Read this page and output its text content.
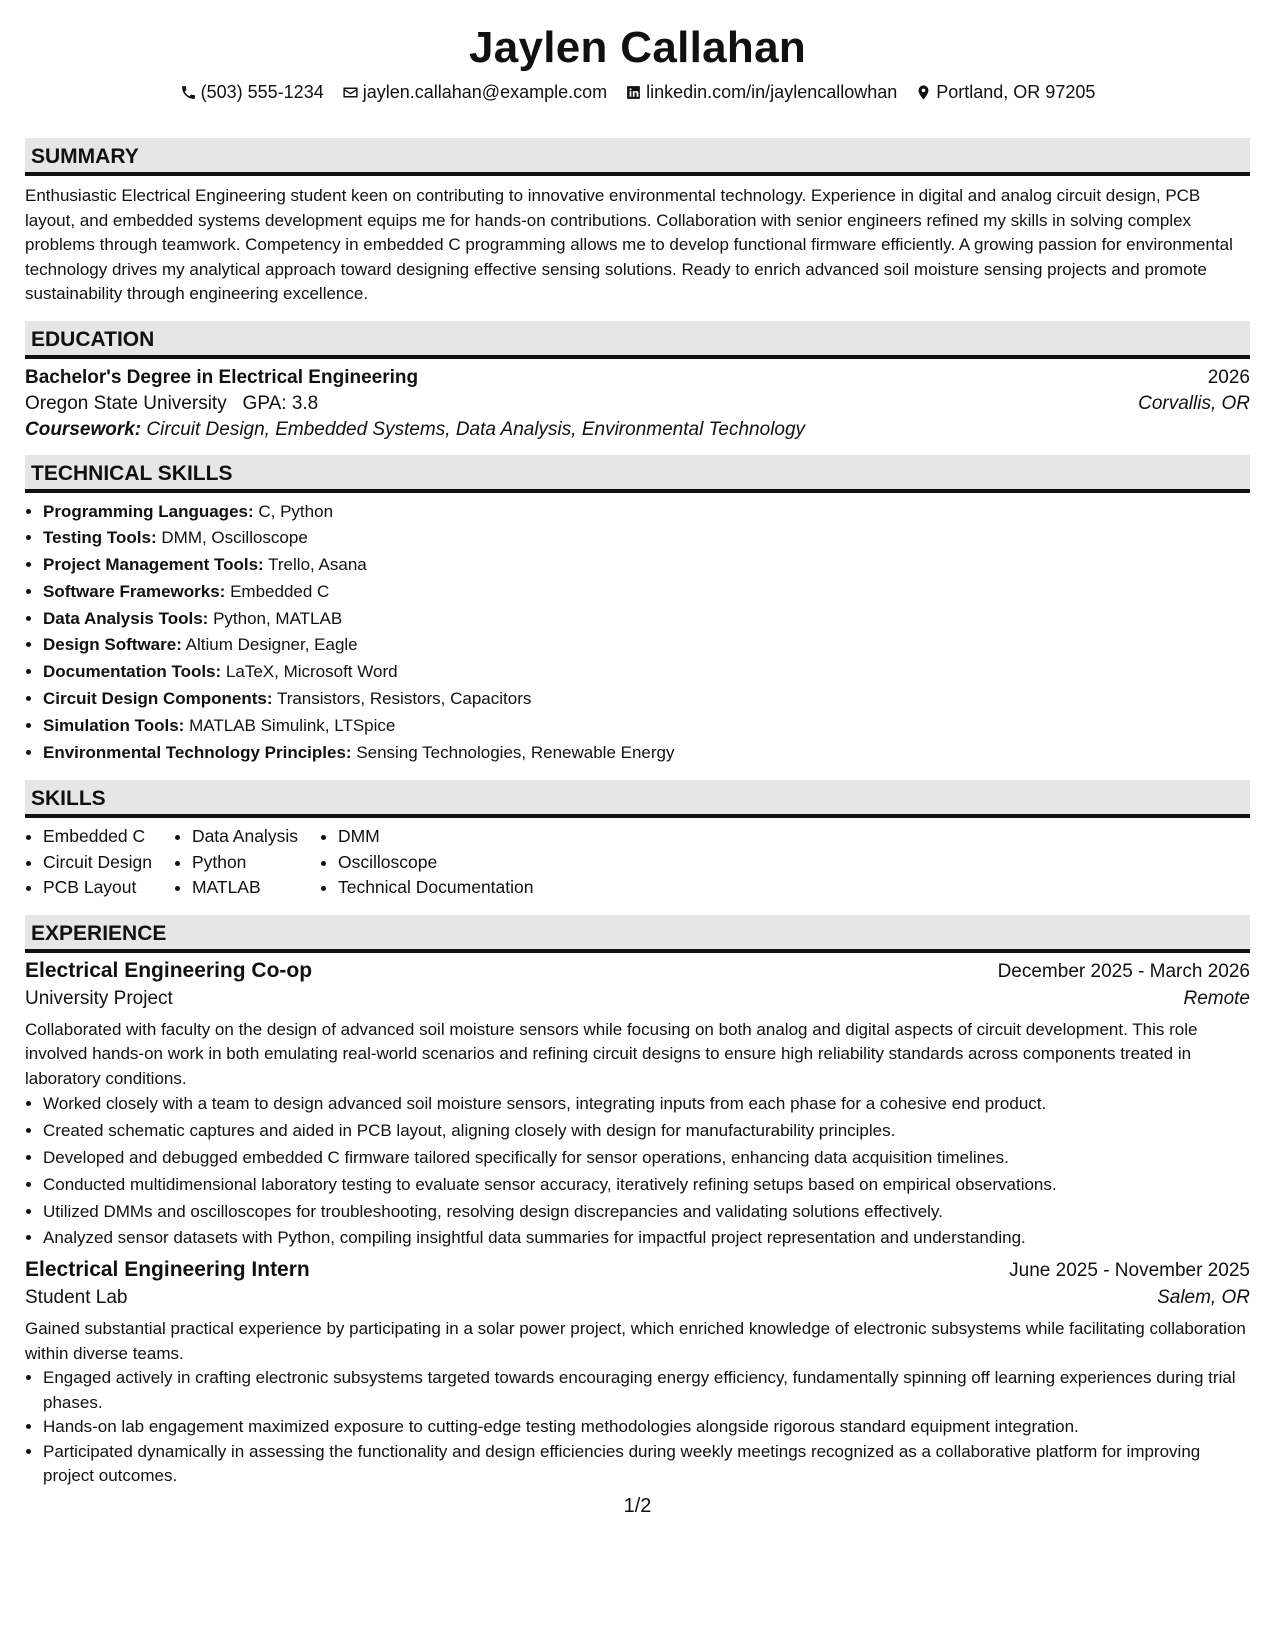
Jaylen Callahan
(503) 555-1234 jaylen.callahan@example.com linkedin.com/in/jaylencallowhan Portland, OR 97205
SUMMARY
Enthusiastic Electrical Engineering student keen on contributing to innovative environmental technology. Experience in digital and analog circuit design, PCB layout, and embedded systems development equips me for hands-on contributions. Collaboration with senior engineers refined my skills in solving complex problems through teamwork. Competency in embedded C programming allows me to develop functional firmware efficiently. A growing passion for environmental technology drives my analytical approach toward designing effective sensing solutions. Ready to enrich advanced soil moisture sensing projects and promote sustainability through engineering excellence.
EDUCATION
Bachelor's Degree in Electrical Engineering	2026
Oregon State University GPA: 3.8	Corvallis, OR
Coursework: Circuit Design, Embedded Systems, Data Analysis, Environmental Technology
TECHNICAL SKILLS
• Programming Languages: C, Python
• Testing Tools: DMM, Oscilloscope
• Project Management Tools: Trello, Asana
• Software Frameworks: Embedded C
• Data Analysis Tools: Python, MATLAB
• Design Software: Altium Designer, Eagle
• Documentation Tools: LaTeX, Microsoft Word
• Circuit Design Components: Transistors, Resistors, Capacitors
• Simulation Tools: MATLAB Simulink, LTSpice
• Environmental Technology Principles: Sensing Technologies, Renewable Energy
SKILLS
• Embedded C
• Circuit Design
• PCB Layout
• Data Analysis
• Python
• MATLAB
• DMM
• Oscilloscope
• Technical Documentation
EXPERIENCE
Electrical Engineering Co-op	December 2025 - March 2026
University Project	Remote
Collaborated with faculty on the design of advanced soil moisture sensors while focusing on both analog and digital aspects of circuit development. This role involved hands-on work in both emulating real-world scenarios and refining circuit designs to ensure high reliability standards across components treated in laboratory conditions.
• Worked closely with a team to design advanced soil moisture sensors, integrating inputs from each phase for a cohesive end product.
• Created schematic captures and aided in PCB layout, aligning closely with design for manufacturability principles.
• Developed and debugged embedded C firmware tailored specifically for sensor operations, enhancing data acquisition timelines.
• Conducted multidimensional laboratory testing to evaluate sensor accuracy, iteratively refining setups based on empirical observations.
• Utilized DMMs and oscilloscopes for troubleshooting, resolving design discrepancies and validating solutions effectively.
• Analyzed sensor datasets with Python, compiling insightful data summaries for impactful project representation and understanding.
Electrical Engineering Intern	June 2025 - November 2025
Student Lab	Salem, OR
Gained substantial practical experience by participating in a solar power project, which enriched knowledge of electronic subsystems while facilitating collaboration within diverse teams.
• Engaged actively in crafting electronic subsystems targeted towards encouraging energy efficiency, fundamentally spinning off learning experiences during trial phases.
• Hands-on lab engagement maximized exposure to cutting-edge testing methodologies alongside rigorous standard equipment integration.
• Participated dynamically in assessing the functionality and design efficiencies during weekly meetings recognized as a collaborative platform for improving project outcomes.
1/2
